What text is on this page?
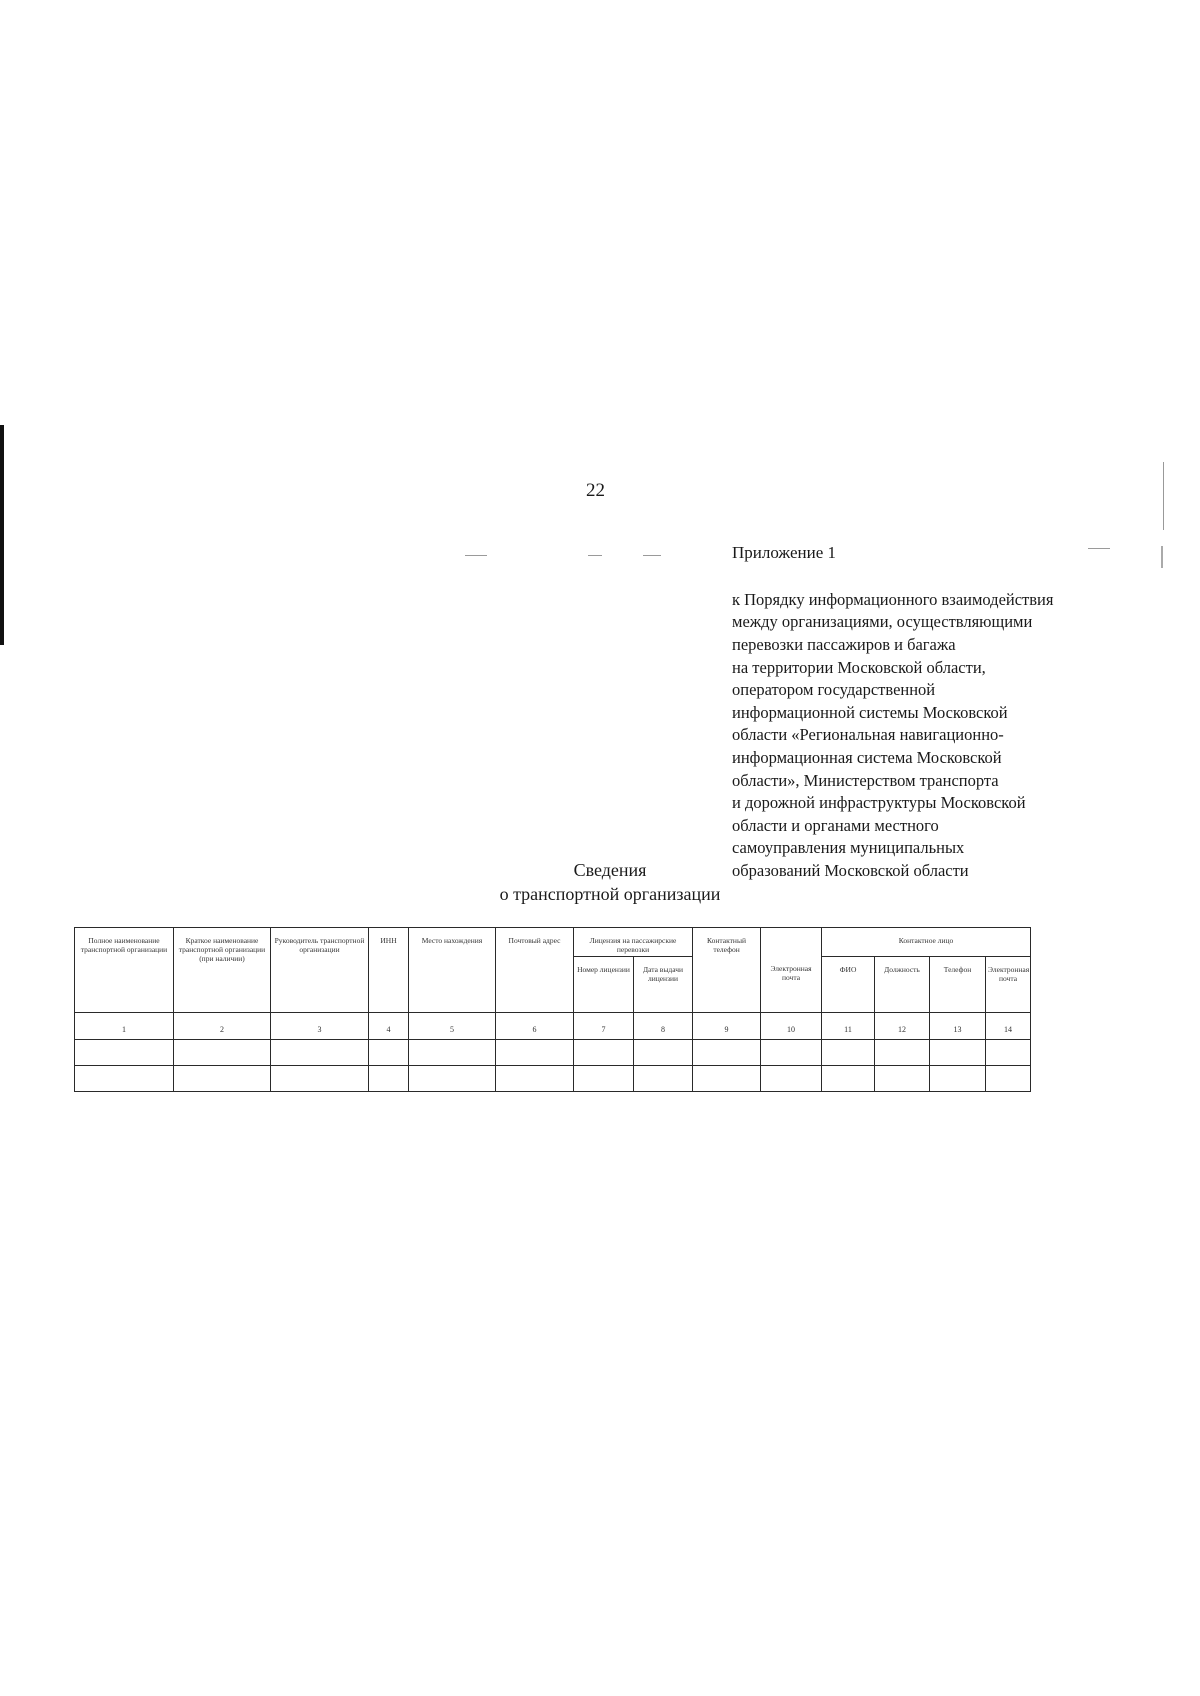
22

Приложение 1

к Порядку информационного взаимодействия
между организациями, осуществляющими
перевозки пассажиров и багажа
на территории Московской области,
оператором государственной
информационной системы Московской
области «Региональная навигационно-
информационная система Московской
области», Министерством транспорта
и дорожной инфраструктуры Московской
области и органами местного
самоуправления муниципальных
образований Московской области

Сведения
о транспортной организации
Полное наименование транспортной организации	Краткое наименование транспортной организации (при наличии)	Руководитель транспортной организации	ИНН	Место нахождения	Почтовый адрес	Лицензия на пассажирские перевозки		Контактный телефон	Электронная почта	Контактное лицо			
						Номер лицензии	Дата выдачи лицензии			ФИО	Должность	Телефон	Электронная почта
1	2	3	4	5	6	7	8	9	10	11	12	13	14
